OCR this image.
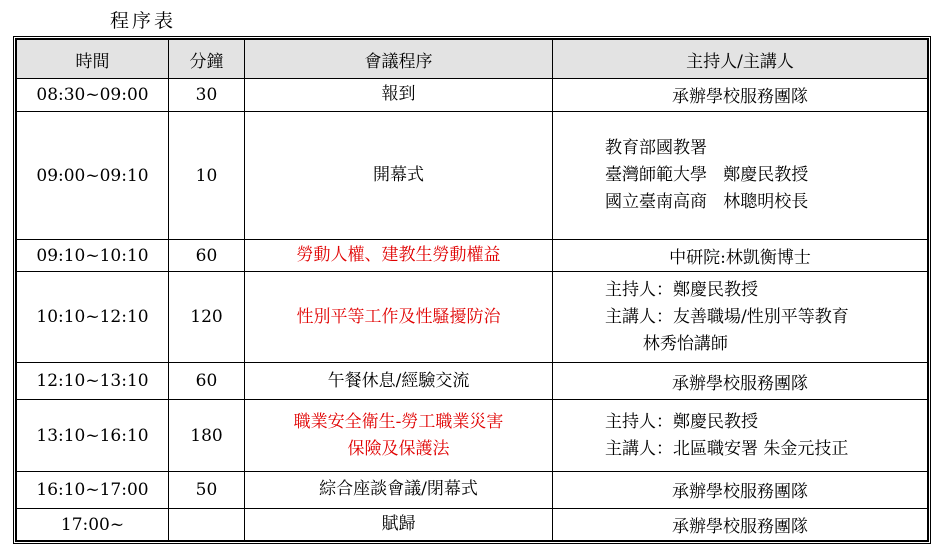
程序表
時間	分鐘	會議程序	主持人/主講人
08:30~09:00	30	報到	承辦學校服務團隊

09:00~09:10	10	開幕式	教育部國教署
臺灣師範大學   鄭慶民教授
國立臺南高商   林聰明校長

09:10~10:10	60	勞動人權、建教生勞動權益	中研院:林凱衡博士

10:10~12:10	120	性別平等工作及性騷擾防治	主持人：鄭慶民教授
主講人：友善職場/性別平等教育
林秀怡講師

12:10~13:10	60	午餐休息/經驗交流	承辦學校服務團隊

13:10~16:10	180	職業安全衛生-勞工職業災害
保險及保護法	主持人：鄭慶民教授
主講人：北區職安署 朱金元技正

16:10~17:00	50	綜合座談會議/閉幕式	承辦學校服務團隊

17:00~		賦歸	承辦學校服務團隊
